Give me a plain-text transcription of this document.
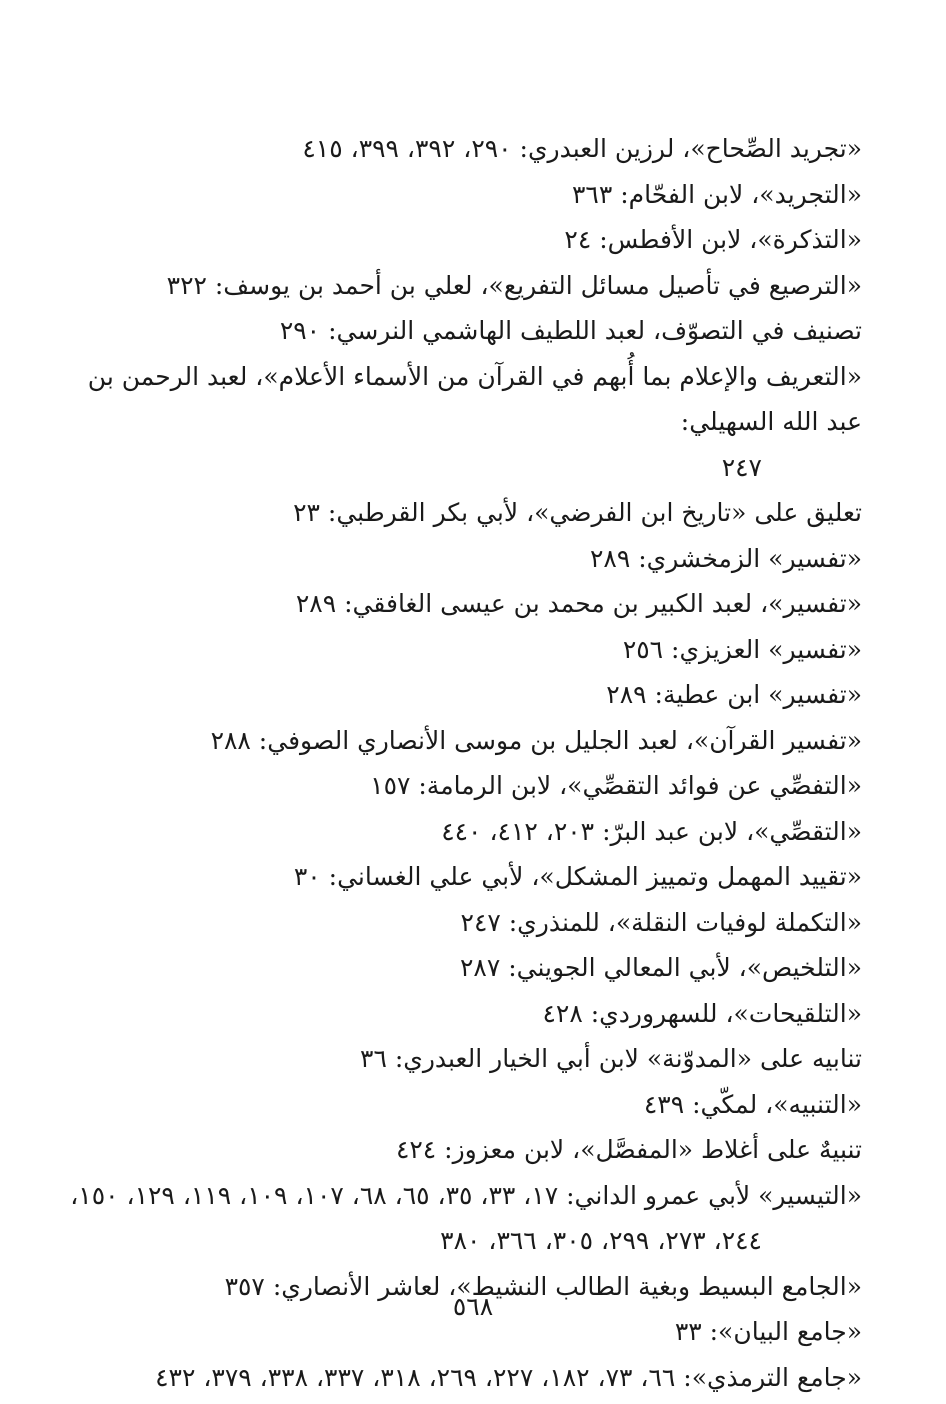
«تجريد الصِّحاح»، لرزين العبدري: ٢٩٠، ٣٩٢، ٣٩٩، ٤١٥
«التجريد»، لابن الفحّام: ٣٦٣
«التذكرة»، لابن الأفطس: ٢٤
«الترصيع في تأصيل مسائل التفريع»، لعلي بن أحمد بن يوسف: ٣٢٢
تصنيف في التصوّف، لعبد اللطيف الهاشمي النرسي: ٢٩٠
«التعريف والإعلام بما أُبهم في القرآن من الأسماء الأعلام»، لعبد الرحمن بن عبد الله السهيلي:
٢٤٧
تعليق على «تاريخ ابن الفرضي»، لأبي بكر القرطبي: ٢٣
«تفسير» الزمخشري: ٢٨٩
«تفسير»، لعبد الكبير بن محمد بن عيسى الغافقي: ٢٨٩
«تفسير» العزيزي: ٢٥٦
«تفسير» ابن عطية: ٢٨٩
«تفسير القرآن»، لعبد الجليل بن موسى الأنصاري الصوفي: ٢٨٨
«التفصِّي عن فوائد التقصِّي»، لابن الرمامة: ١٥٧
«التقصِّي»، لابن عبد البرّ: ٢٠٣، ٤١٢، ٤٤٠
«تقييد المهمل وتمييز المشكل»، لأبي علي الغساني: ٣٠
«التكملة لوفيات النقلة»، للمنذري: ٢٤٧
«التلخيص»، لأبي المعالي الجويني: ٢٨٧
«التلقيحات»، للسهروردي: ٤٢٨
تنابيه على «المدوّنة» لابن أبي الخيار العبدري: ٣٦
«التنبيه»، لمكّي: ٤٣٩
تنبيهٌ على أغلاط «المفصَّل»، لابن معزوز: ٤٢٤
«التيسير» لأبي عمرو الداني: ١٧، ٣٣، ٣٥، ٦٥، ٦٨، ١٠٧، ١٠٩، ١١٩، ١٢٩، ١٥٠،
٢٤٤، ٢٧٣، ٢٩٩، ٣٠٥، ٣٦٦، ٣٨٠
«الجامع البسيط وبغية الطالب النشيط»، لعاشر الأنصاري: ٣٥٧
«جامع البيان»: ٣٣
«جامع الترمذي»: ٦٦، ٧٣، ١٨٢، ٢٢٧، ٢٦٩، ٣١٨، ٣٣٧، ٣٣٨، ٣٧٩، ٤٣٢
٥٦٨
